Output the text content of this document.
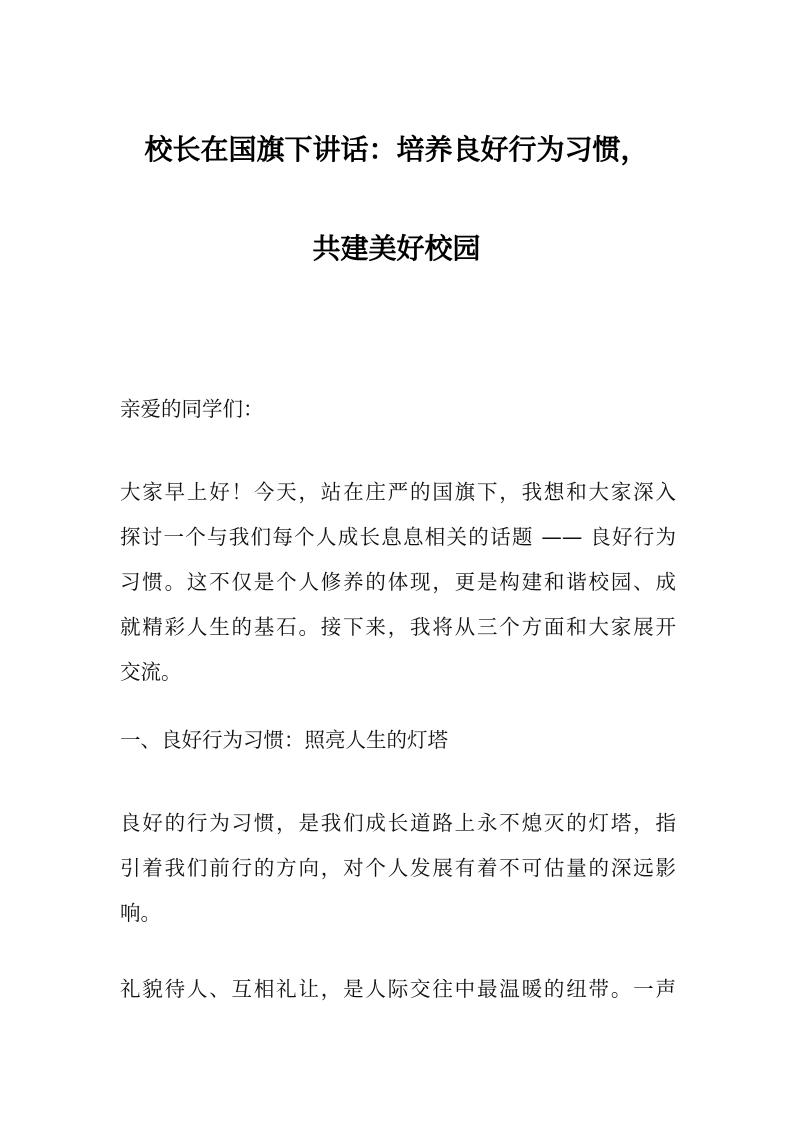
校长在国旗下讲话：培养良好行为习惯，
共建美好校园
亲爱的同学们：
大家早上好！今天，站在庄严的国旗下，我想和大家深入
探讨一个与我们每个人成长息息相关的话题 —— 良好行为
习惯。这不仅是个人修养的体现，更是构建和谐校园、成
就精彩人生的基石。接下来，我将从三个方面和大家展开
交流。
一、良好行为习惯：照亮人生的灯塔
良好的行为习惯，是我们成长道路上永不熄灭的灯塔，指
引着我们前行的方向，对个人发展有着不可估量的深远影
响。
礼貌待人、互相礼让，是人际交往中最温暖的纽带。一声
